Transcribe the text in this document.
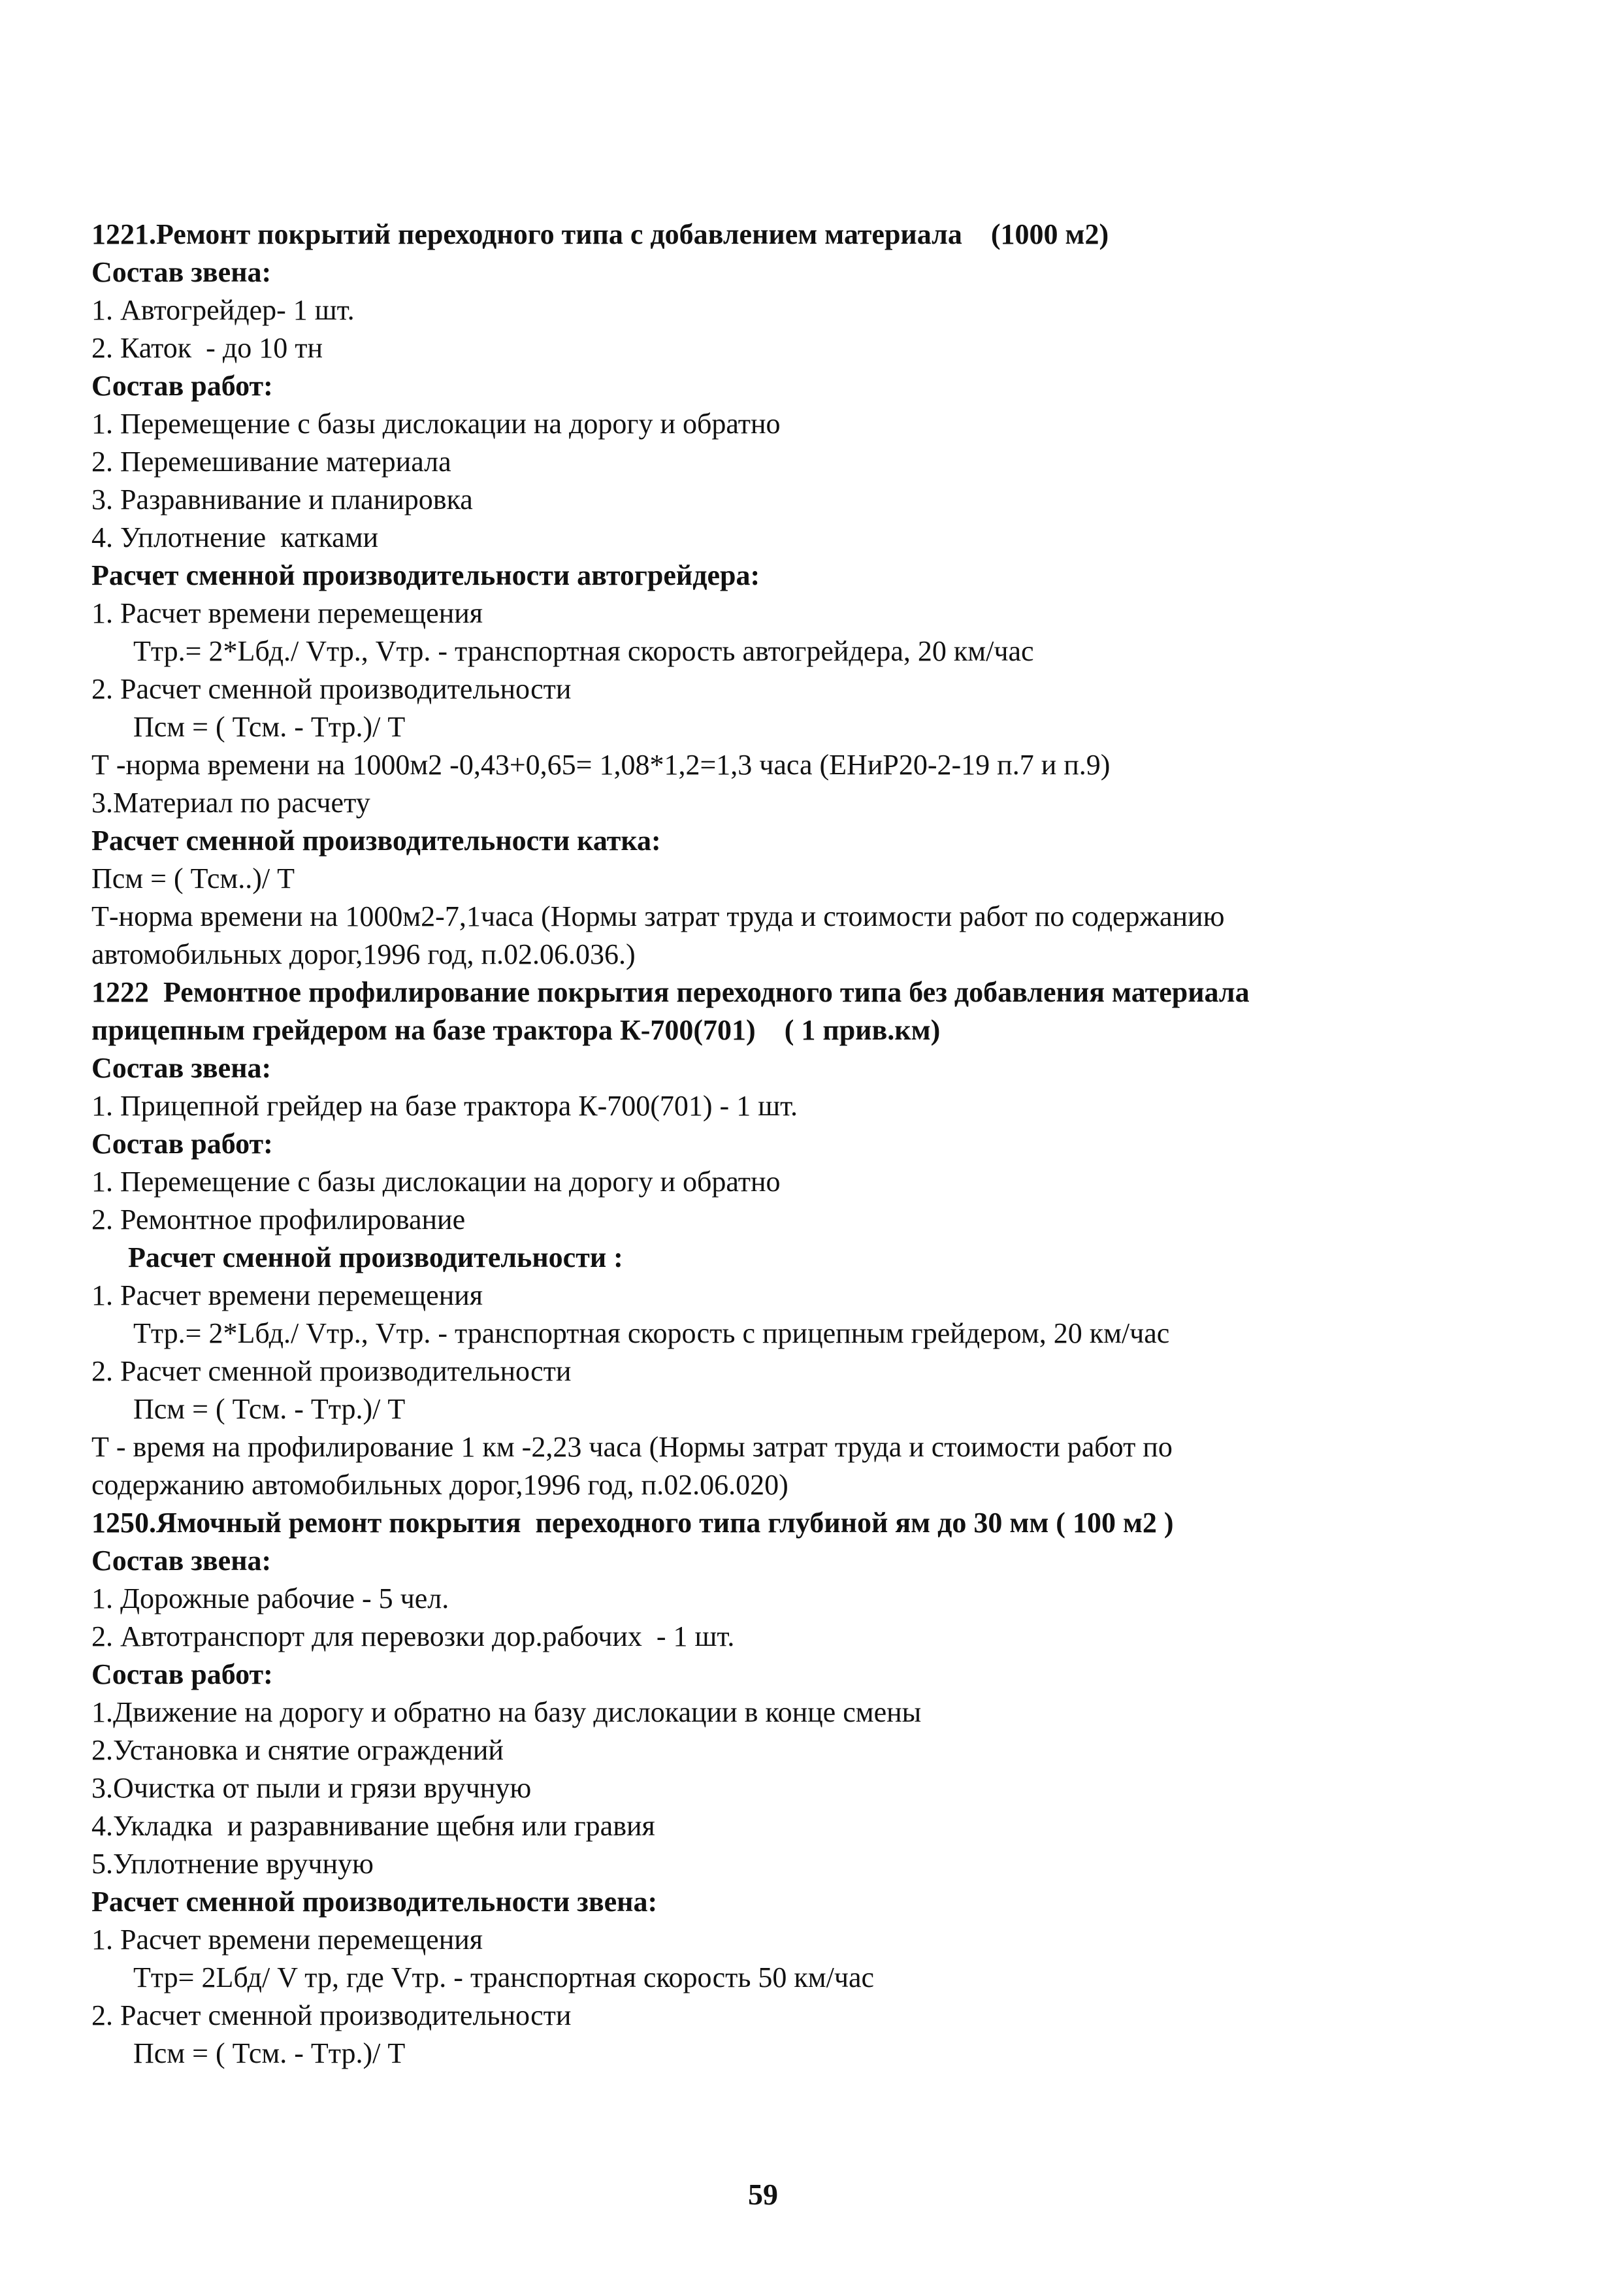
1221.Ремонт покрытий переходного типа с добавлением материала    (1000 м2)

Состав звена:

1. Автогрейдер- 1 шт.

2. Каток  - до 10 тн

Состав работ:

1. Перемещение с базы дислокации на дорогу и обратно

2. Перемешивание материала

3. Разравнивание и планировка

4. Уплотнение  катками

Расчет сменной производительности автогрейдера:

1. Расчет времени перемещения

Ттр.= 2*Lбд./ Vтр., Vтр. - транспортная скорость автогрейдера, 20 км/час

2. Расчет сменной производительности

Псм = ( Тсм. - Ттр.)/ Т

Т -норма времени на 1000м2 -0,43+0,65= 1,08*1,2=1,3 часа (ЕНиР20-2-19 п.7 и п.9)

3.Материал по расчету

Расчет сменной производительности катка:

Псм = ( Тсм..)/ Т

Т-норма времени на 1000м2-7,1часа (Нормы затрат труда и стоимости работ по содержанию

автомобильных дорог,1996 год, п.02.06.036.)

1222  Ремонтное профилирование покрытия переходного типа без добавления материала

прицепным грейдером на базе трактора К-700(701)    ( 1 прив.км)

Состав звена:

1. Прицепной грейдер на базе трактора К-700(701) - 1 шт.

Состав работ:

1. Перемещение с базы дислокации на дорогу и обратно

2. Ремонтное профилирование

Расчет сменной производительности :

1. Расчет времени перемещения

Ттр.= 2*Lбд./ Vтр., Vтр. - транспортная скорость с прицепным грейдером, 20 км/час

2. Расчет сменной производительности

Псм = ( Тсм. - Ттр.)/ Т

Т - время на профилирование 1 км -2,23 часа (Нормы затрат труда и стоимости работ по

содержанию автомобильных дорог,1996 год, п.02.06.020)

1250.Ямочный ремонт покрытия  переходного типа глубиной ям до 30 мм ( 100 м2 )

Состав звена:

1. Дорожные рабочие - 5 чел.

2. Автотранспорт для перевозки дор.рабочих  - 1 шт.

Состав работ:

1.Движение на дорогу и обратно на базу дислокации в конце смены

2.Установка и снятие ограждений

3.Очистка от пыли и грязи вручную

4.Укладка  и разравнивание щебня или гравия

5.Уплотнение вручную

Расчет сменной производительности звена:

1. Расчет времени перемещения

Ттр= 2Lбд/ V тр, где Vтр. - транспортная скорость 50 км/час

2. Расчет сменной производительности

Псм = ( Тсм. - Ттр.)/ Т

59
